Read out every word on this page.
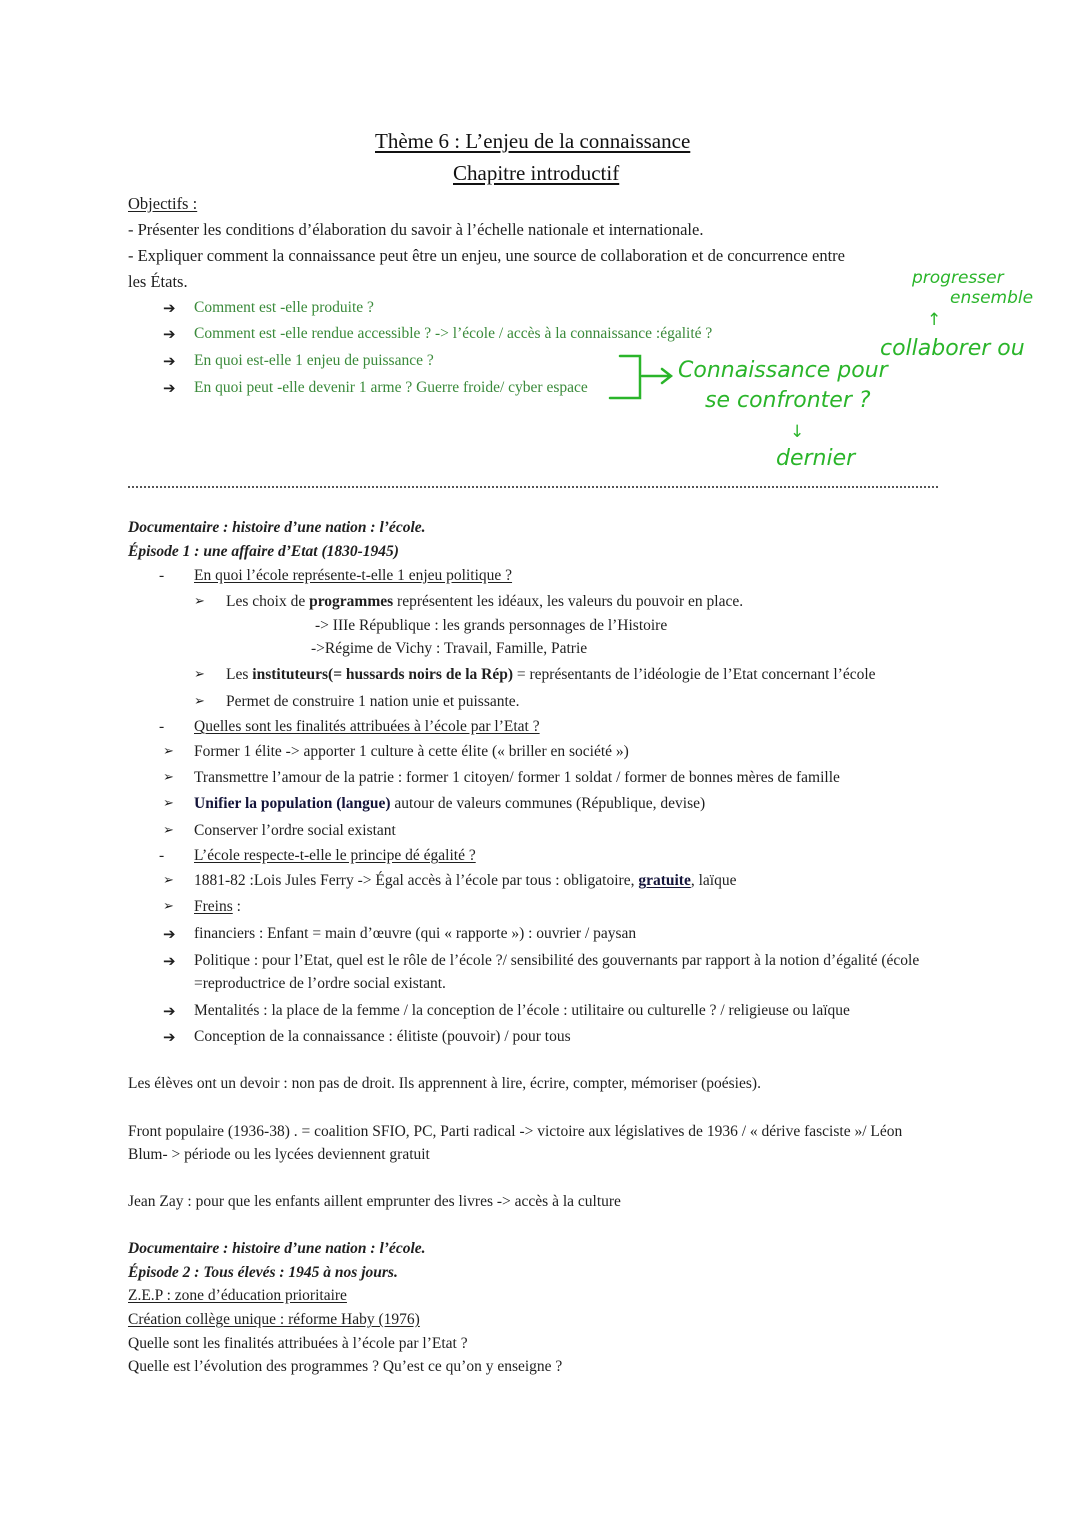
Thème 6 : L’enjeu de la connaissance
Chapitre introductif
Objectifs :
- Présenter les conditions d’élaboration du savoir à l’échelle nationale et internationale.
- Expliquer comment la connaissance peut être un enjeu, une source de collaboration et de concurrence entre
les États.
➔ Comment est -elle produite ?
➔ Comment est -elle rendue accessible ? -> l’école / accès à la connaissance :égalité ?
➔ En quoi est-elle 1 enjeu de puissance ?
➔ En quoi peut -elle devenir 1 arme ? Guerre froide/ cyber espace
Connaissance pour
se confronter ?
↓
dernier
collaborer ou
progresser
ensemble
↑
Documentaire : histoire d’une nation : l’école.
Épisode 1 : une affaire d’Etat (1830-1945)
- En quoi l’école représente-t-elle 1 enjeu politique ?
➢ Les choix de programmes représentent les idéaux, les valeurs du pouvoir en place.
-> IIIe République : les grands personnages de l’Histoire
->Régime de Vichy : Travail, Famille, Patrie
➢ Les instituteurs(= hussards noirs de la Rép) = représentants de l’idéologie de l’Etat concernant l’école
➢ Permet de construire 1 nation unie et puissante.
- Quelles sont les finalités attribuées à l’école par l’Etat ?
➢ Former 1 élite -> apporter 1 culture à cette élite (« briller en société »)
➢ Transmettre l’amour de la patrie : former 1 citoyen/ former 1 soldat / former de bonnes mères de famille
➢ Unifier la population (langue) autour de valeurs communes (République, devise)
➢ Conserver l’ordre social existant
- L’école respecte-t-elle le principe dé égalité ?
➢ 1881-82 :Lois Jules Ferry -> Égal accès à l’école par tous : obligatoire, gratuite, laïque
➢ Freins :
➔ financiers : Enfant = main d’œuvre (qui « rapporte ») : ouvrier / paysan
➔ Politique : pour l’Etat, quel est le rôle de l’école ?/ sensibilité des gouvernants par rapport à la notion d’égalité (école
=reproductrice de l’ordre social existant.
➔ Mentalités : la place de la femme / la conception de l’école : utilitaire ou culturelle ? / religieuse ou laïque
➔ Conception de la connaissance : élitiste (pouvoir) / pour tous
Les élèves ont un devoir : non pas de droit. Ils apprennent à lire, écrire, compter, mémoriser (poésies).
Front populaire (1936-38) . = coalition SFIO, PC, Parti radical -> victoire aux législatives de 1936 / « dérive fasciste »/ Léon
Blum- > période ou les lycées deviennent gratuit
Jean Zay : pour que les enfants aillent emprunter des livres -> accès à la culture
Documentaire : histoire d’une nation : l’école.
Épisode 2 : Tous élevés : 1945 à nos jours.
Z.E.P : zone d’éducation prioritaire
Création collège unique : réforme Haby (1976)
Quelle sont les finalités attribuées à l’école par l’Etat ?
Quelle est l’évolution des programmes ? Qu’est ce qu’on y enseigne ?
